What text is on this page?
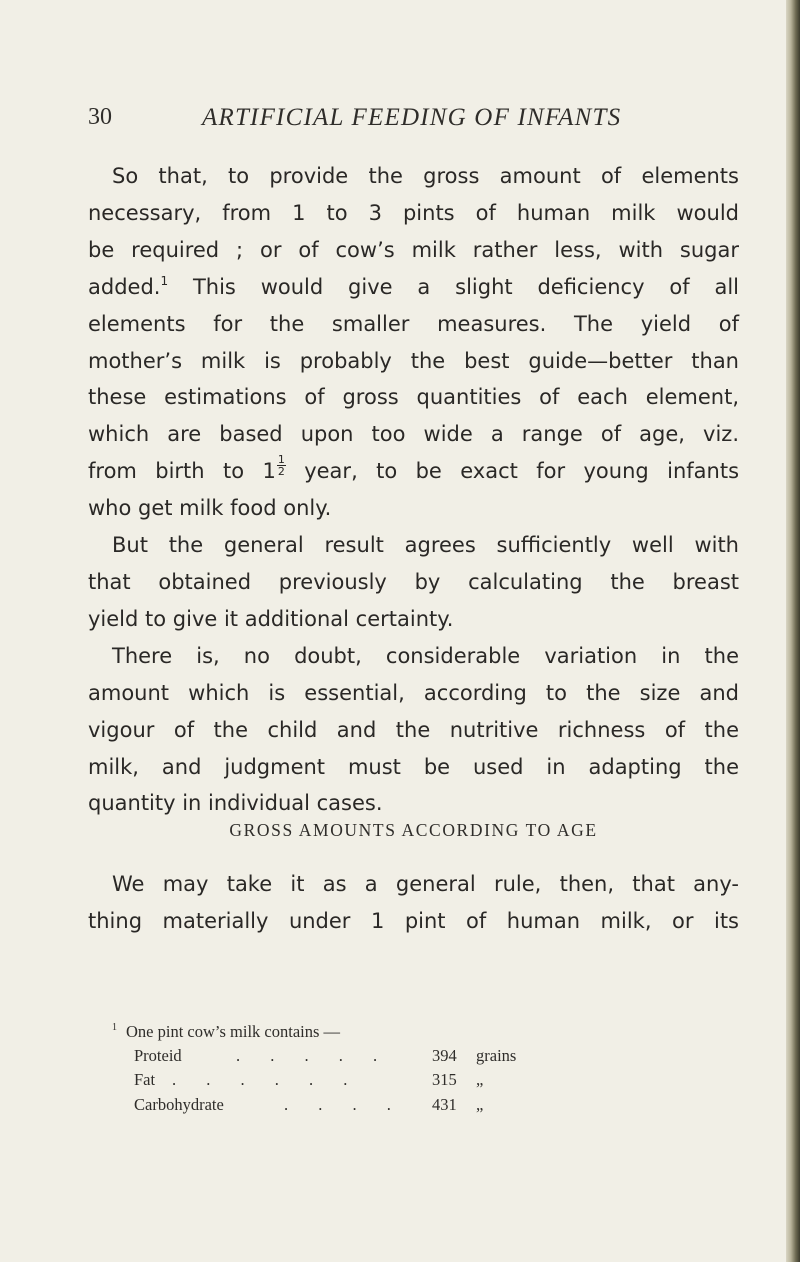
30	ARTIFICIAL FEEDING OF INFANTS
So that, to provide the gross amount of elements
necessary, from 1 to 3 pints of human milk would
be required ; or of cow’s milk rather less, with sugar
added.$^1$ This would give a slight deficiency of all
elements for the smaller measures. The yield of
mother’s milk is probably the best guide—better than
these estimations of gross quantities of each element,
which are based upon too wide a range of age, viz.
from birth to $1 \frac{1}{2}$ year, to be exact for young infants
who get milk food only.
But the general result agrees sufficiently well with
that obtained previously by calculating the breast
yield to give it additional certainty.
There is, no doubt, considerable variation in the
amount which is essential, according to the size and
vigour of the child and the nutritive richness of the
milk, and judgment must be used in adapting the
quantity in individual cases.
GROSS AMOUNTS ACCORDING TO AGE
We may take it as a general rule, then, that any-
thing materially under 1 pint of human milk, or its
$^1$ One pint cow’s milk contains —
Proteid	. . . . .	394 grains
Fat . . . . . .	315 „
Carbohydrate	. . . . 431 „
